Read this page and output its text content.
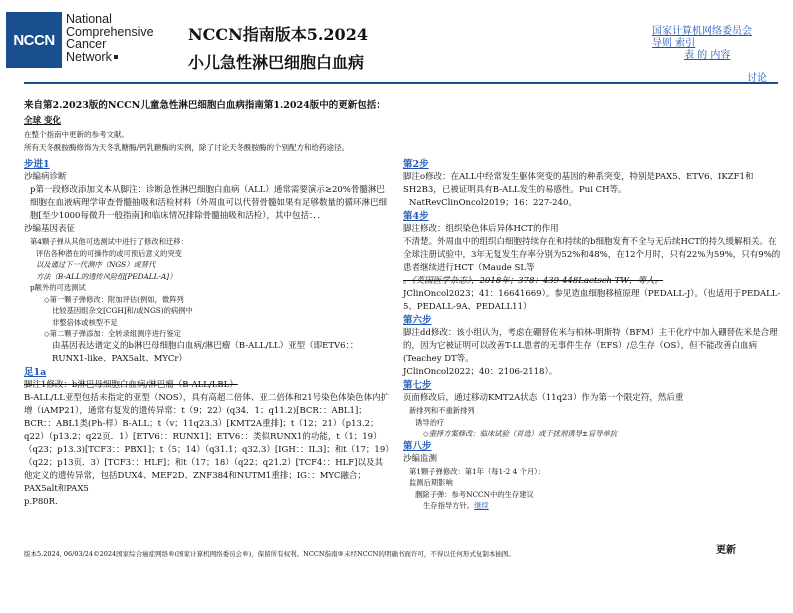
NCCN
National
Comprehensive
Cancer
Network
NCCN指南版本5.2024
小儿急性淋巴细胞白血病
国家计算机网络委员会
导则 索引
表 的 内容
讨论
来自第2.2023版的NCCN儿童急性淋巴细胞白血病指南第1.2024版中的更新包括：
全球 变化
在整个指南中更新的参考文献。
所有天冬酰胺酶修饰为天冬乳糖酶/钙乳糖酶的实例，除了讨论天冬酰胺酶的个别配方和给药途径。
步进1
沙编病诊断

p第一段修改添加文本从脚注：诊断急性淋巴细胞白血病（ALL）通常需要演示≥20%骨髓淋巴细胞在血液病理学审查骨髓抽吸和活检材料（外周血可以代替骨髓如果有足够数量的循环淋巴细胞[至少1000每微升一般指南]和临床情况排除骨髓抽吸和活检），其中包括：．．

沙编基因表征
第4颗子弹从其他可选测试中进行了修改和迁移：
评估各种潜在的可操作的或可预后意义的突变
以及通过下一代测序（NGS）或替代
方法（B-ALL的透传风险组[PEDALL-A]）
p额外的可选测试
◇第一颗子弹修改：附加评估(例如，微阵列
比较基因组杂交[CGH]和/或NGS)的病例中
非整倍体或核型不足
◇第二颗子弹添加：全转录组测序进行鉴定

由基因表达谱定义的b淋巴母细胞白血病/淋巴瘤（B-ALL/LL）亚型（即ETV6：：RUNX1-like、PAX5alt、MYCr）

足1a
脚注1修改：b淋巴母细胞白血病/淋巴瘤（B-ALL/LBL）

B-ALL/LL亚型包括未指定的亚型（NOS），具有高超二倍体、亚二倍体和21号染色体染色体内扩增（iAMP21），通常有复发的遗传异常：t（9；22）(q34．1；q11.2)[BCR：：ABL1]；BCR：：ABL1类(Ph-样）B-ALL；t（v；11q23.3）[KMT2A重排]；t（12；21）（p13.2；q22）（p13.2；q22页．1）[ETV6：：RUNX1]；ETV6：：类似RUNX1的功能，t（1；19）（q23；p13.3)[TCF3：：PBX1]；t（5；14）（q31.1；q32.3）[IGH：：IL3]；和t（17；19）（q22；p13页．3）[TCF3：：HLF]；和t（17；18）（q22；q21.2）[TCF4：：HLF]以及其他定义的遗传异常，包括DUX4、MEF2D、ZNF384和NUTM1重排；IG：：MYC融合；PAX5alt和PAX5

p.P80R.
第2步

脚注o修改：在ALL中经常发生躯体突变的基因的种系突变，特别是PAX5、ETV6、IKZF1和SH2B3，已被证明具有B-ALL发生的易感性。Pui CH等。

NatRevClinOncol2019；16：227-240。
第4步
脚注修改：组织染色体后异体HCT的作用

不清楚。外周血中的组织白细胞持续存在和持续的b细胞发育不全与无后续HCT的持久缓解相关。在全球注册试验中，3年无复发生存率分别为52%和48%，在12个月时，只有22%为59%，只有9%的患者继续进行HCT（Maude SL等

。《英国医学杂志》，2018年；378：439-448Laetsch TW，等人。

JClinOncol2023；41：16641669）。参见造血细胞移植原理（PEDALL-J）。（也适用于PEDALL-5、PEDALL-9A、PEDALL11）

第六步

脚注dd修改：该小组认为，考虑在硼替佐米与柏林-明斯特（BFM）主干化疗中加入硼替佐米是合理的，因为它被证明可以改善T-LL患者的无事件生存（EFS）/总生存（OS），但不能改善白血病(Teachey DT等。

JClinOncol2022；40：2106-2118）。
第七步
页面修改后，通过移动KMT2A状态（11q23）作为第一个限定符，然后重
新排列和不重新排列
诱导治疗
◇重择方案修改：临床试验（首选）或干扰剂诱导±盲导单抗
第八步
沙编监测
第1颗子弹修改：第1年（每1-2 4 个月）：
监测后期影响
删除子弹：参考NCCN中的生存建议
生存指导方针。继续
版本5.2024, 06/03/24©2024国家综合癌症网络®(国家计算机网络委员会®)，保留所有权利。NCCN指南®未经NCCN的明确书面许可，不得以任何形式复制本插图。	更新
